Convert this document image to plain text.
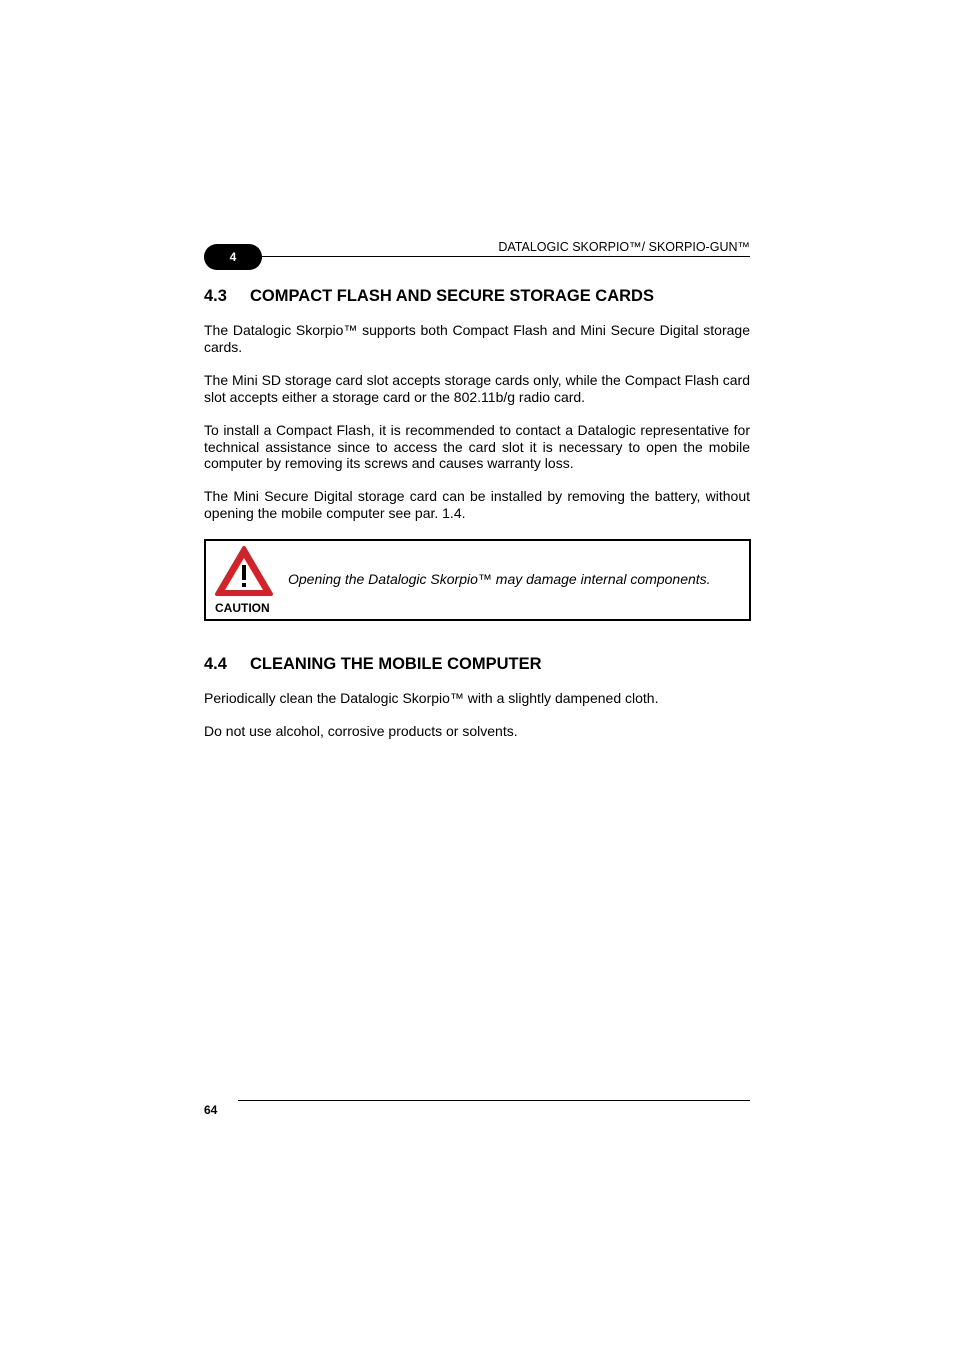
4
DATALOGIC SKORPIO™/ SKORPIO-GUN™
4.3 COMPACT FLASH AND SECURE STORAGE CARDS

The Datalogic Skorpio™ supports both Compact Flash and Mini Secure Digital storage cards.

The Mini SD storage card slot accepts storage cards only, while the Compact Flash card slot accepts either a storage card or the 802.11b/g radio card.

To install a Compact Flash, it is recommended to contact a Datalogic representative for technical assistance since to access the card slot it is necessary to open the mobile computer by removing its screws and causes warranty loss.

The Mini Secure Digital storage card can be installed by removing the battery, without opening the mobile computer see par. 1.4.

CAUTION
Opening the Datalogic Skorpio™ may damage internal components.
4.4 CLEANING THE MOBILE COMPUTER

Periodically clean the Datalogic Skorpio™ with a slightly dampened cloth.

Do not use alcohol, corrosive products or solvents.

64
